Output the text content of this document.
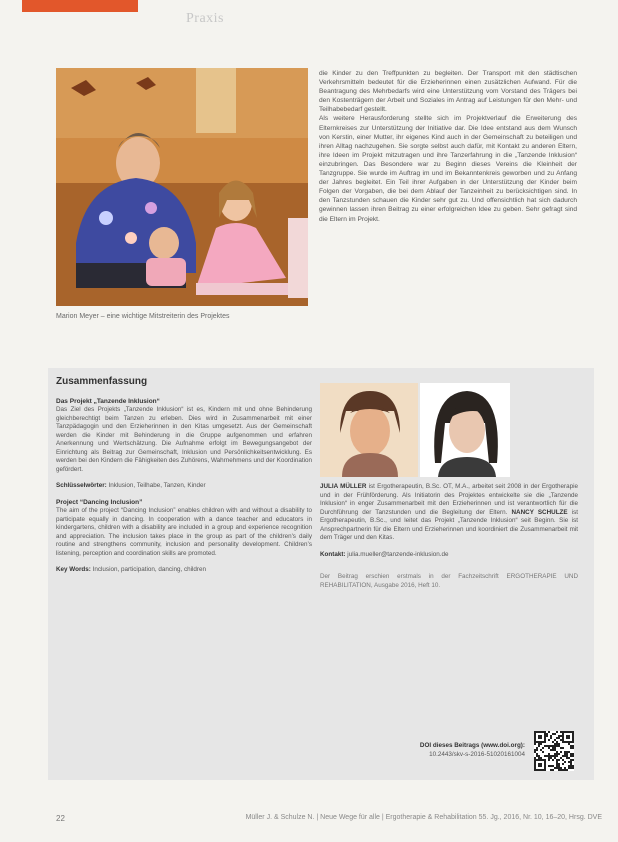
Praxis
Marion Meyer – eine wichtige Mitstreiterin des Projektes

die Kinder zu den Treffpunkten zu begleiten. Der Transport mit den städtischen Verkehrsmitteln bedeutet für die Erzieherinnen einen zusätzlichen Aufwand. Für die Beantragung des Mehrbedarfs wird eine Unterstützung vom Vorstand des Trägers bei den Kostenträgern der Arbeit und Soziales im Antrag auf Leistungen für den Mehr- und Teilhabebedarf gestellt.

Als weitere Herausforderung stellte sich im Projektverlauf die Erweiterung des Elternkreises zur Unterstützung der Initiative dar. Die Idee entstand aus dem Wunsch von Kerstin, einer Mutter, ihr eigenes Kind auch in der Gemeinschaft zu beteiligen und ihren Alltag nachzugehen. Sie sorgte selbst auch dafür, mit Kontakt zu anderen Eltern, ihre Ideen im Projekt mitzutragen und ihre Tanzerfahrung in die „Tanzende Inklusion“ einzubringen. Das Besondere war zu Beginn dieses Vereins die Kleinheit der Tanzgruppe. Sie wurde im Auftrag im und im Bekanntenkreis geworben und zu Anfang der Jahres begleitet. Ein Teil ihrer Aufgaben in der Unterstützung der Kinder beim Folgen der Vorgaben, die bei dem Ablauf der Tanzeinheit zu berücksichtigen sind. In den Tanzstunden schauen die Kinder sehr gut zu. Und offensichtlich hat sich dadurch gewinnen lassen ihren Beitrag zu einer erfolgreichen Idee zu geben. Sehr gefragt sind die Eltern im Projekt.

Zusammenfassung
Das Projekt „Tanzende Inklusion“

Das Ziel des Projekts „Tanzende Inklusion“ ist es, Kindern mit und ohne Behinderung gleichberechtigt beim Tanzen zu erleben. Dies wird in Zusammenarbeit mit einer Tanzpädagogin und den Erzieherinnen in den Kitas umgesetzt. Aus der Gemeinschaft werden die Kinder mit Behinderung in die Gruppe aufgenommen und erfahren Anerkennung und Wertschätzung. Die Aufnahme erfolgt im Bewegungsangebot der Einrichtung als Beitrag zur Gemeinschaft, Inklusion und Persönlichkeitsentwicklung. Es werden bei den Kindern die Fähigkeiten des Zuhörens, Wahrnehmens und der Koordination gefördert.

Schlüsselwörter: Inklusion, Teilhabe, Tanzen, Kinder
Project “Dancing Inclusion”

The aim of the project “Dancing Inclusion” enables children with and without a disability to participate equally in dancing. In cooperation with a dance teacher and educators in kindergartens, children with a disability are included in a group and experience recognition and appreciation. The inclusion takes place in the group as part of the children's daily routine and strengthens community, inclusion and personality development. Children’s listening, perception and coordination skills are promoted.

Key Words: Inclusion, participation, dancing, children

JULIA MÜLLER ist Ergotherapeutin, B.Sc. OT, M.A., arbeitet seit 2008 in der Ergotherapie und in der Frühförderung. Als Initiatorin des Projektes entwickelte sie die „Tanzende Inklusion“ in enger Zusammenarbeit mit den Erzieherinnen und ist verantwortlich für die Durchführung der Tanzstunden und die Begleitung der Eltern. NANCY SCHULZE ist Ergotherapeutin, B.Sc., und leitet das Projekt „Tanzende Inklusion“ seit Beginn. Sie ist Ansprechpartnerin für die Eltern und Erzieherinnen und koordiniert die Zusammenarbeit mit dem Träger und den Kitas.

Kontakt: julia.mueller@tanzende-inklusion.de

Der Beitrag erschien erstmals in der Fachzeitschrift ERGOTHERAPIE UND REHABILITATION, Ausgabe 2016, Heft 10.

DOI dieses Beitrags (www.doi.org):
10.2443/skv-s-2016-51020161004
22	Müller J. & Schulze N. | Neue Wege für alle | Ergotherapie & Rehabilitation 55. Jg., 2016, Nr. 10, 16–20, Hrsg. DVE
